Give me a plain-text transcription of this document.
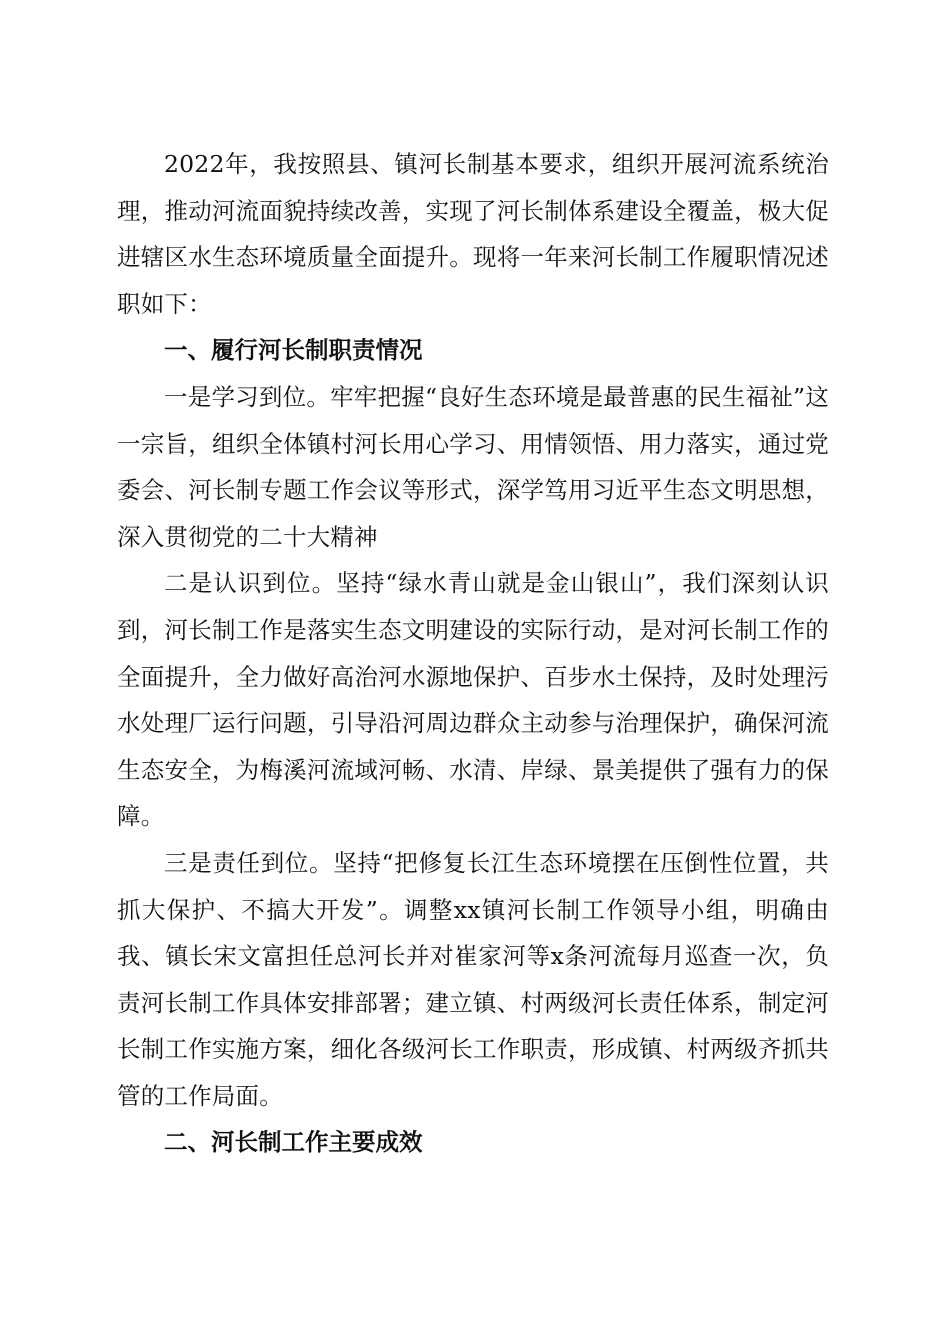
2022年，我按照县、镇河长制基本要求，组织开展河流系统治理，推动河流面貌持续改善，实现了河长制体系建设全覆盖，极大促进辖区水生态环境质量全面提升。现将一年来河长制工作履职情况述职如下：

一、履行河长制职责情况

一是学习到位。牢牢把握“良好生态环境是最普惠的民生福祉”这一宗旨，组织全体镇村河长用心学习、用情领悟、用力落实，通过党委会、河长制专题工作会议等形式，深学笃用习近平生态文明思想，深入贯彻党的二十大精神

二是认识到位。坚持“绿水青山就是金山银山”，我们深刻认识到，河长制工作是落实生态文明建设的实际行动，是对河长制工作的全面提升，全力做好高治河水源地保护、百步水土保持，及时处理污水处理厂运行问题，引导沿河周边群众主动参与治理保护，确保河流生态安全，为梅溪河流域河畅、水清、岸绿、景美提供了强有力的保障。

三是责任到位。坚持“把修复长江生态环境摆在压倒性位置，共抓大保护、不搞大开发”。调整xx镇河长制工作领导小组，明确由我、镇长宋文富担任总河长并对崔家河等x条河流每月巡查一次，负责河长制工作具体安排部署；建立镇、村两级河长责任体系，制定河长制工作实施方案，细化各级河长工作职责，形成镇、村两级齐抓共管的工作局面。

二、河长制工作主要成效
